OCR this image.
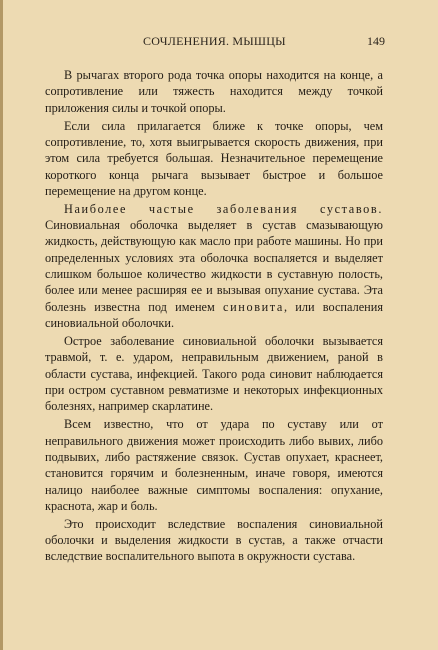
СОЧЛЕНЕНИЯ. МЫШЦЫ	149

В рычагах второго рода точка опоры находится на конце, а сопротивление или тяжесть находится между точкой приложения силы и точкой опоры.

Если сила прилагается ближе к точке опоры, чем сопротивление, то, хотя выигрывается скорость движения, при этом сила требуется большая. Незначительное перемещение короткого конца рычага вызывает быстрое и большое перемещение на другом конце.

Наиболее частые заболевания суставов. Синовиальная оболочка выделяет в сустав смазывающую жидкость, действующую как масло при работе машины. Но при определенных условиях эта оболочка воспаляется и выделяет слишком большое количество жидкости в суставную полость, более или менее расширяя ее и вызывая опухание сустава. Эта болезнь известна под именем синовита, или воспаления синовиальной оболочки.

Острое заболевание синовиальной оболочки вызывается травмой, т. е. ударом, неправильным движением, раной в области сустава, инфекцией. Такого рода синовит наблюдается при остром суставном ревматизме и некоторых инфекционных болезнях, например скарлатине.

Всем известно, что от удара по суставу или от неправильного движения может происходить либо вывих, либо подвывих, либо растяжение связок. Сустав опухает, краснеет, становится горячим и болезненным, иначе говоря, имеются налицо наиболее важные симптомы воспаления: опухание, краснота, жар и боль.

Это происходит вследствие воспаления синовиальной оболочки и выделения жидкости в сустав, а также отчасти вследствие воспалительного выпота в окружности сустава.
